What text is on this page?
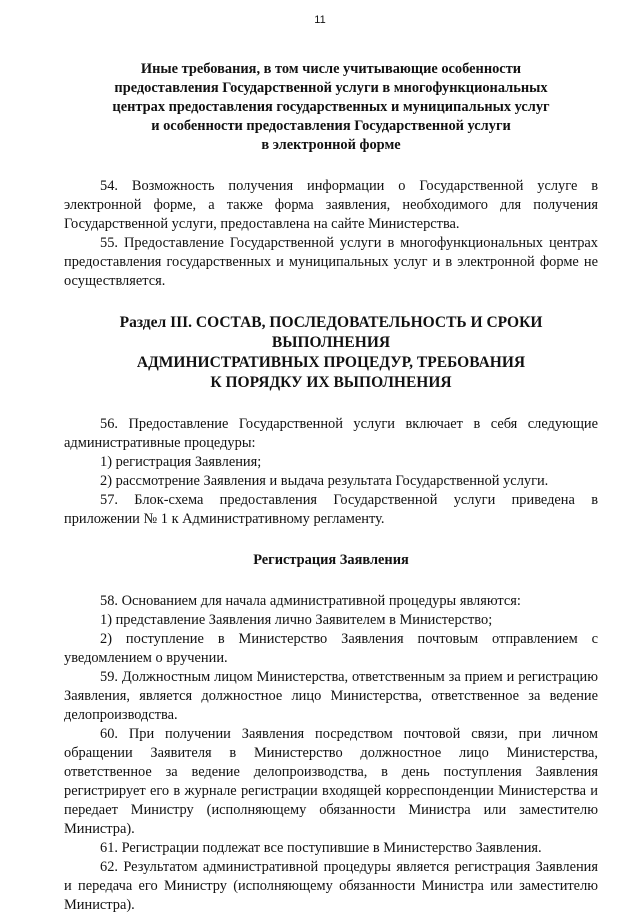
11

Иные требования, в том числе учитывающие особенности

предоставления Государственной услуги в многофункциональных

центрах предоставления государственных и муниципальных услуг

и особенности предоставления Государственной услуги

в электронной форме

54. Возможность получения информации о Государственной услуге в электронной форме, а также форма заявления, необходимого для получения Государственной услуги, предоставлена на сайте Министерства.

55. Предоставление Государственной услуги в многофункциональных центрах предоставления государственных и муниципальных услуг и в электронной форме не осуществляется.

Раздел III. СОСТАВ, ПОСЛЕДОВАТЕЛЬНОСТЬ И СРОКИ ВЫПОЛНЕНИЯ

АДМИНИСТРАТИВНЫХ ПРОЦЕДУР, ТРЕБОВАНИЯ

К ПОРЯДКУ ИХ ВЫПОЛНЕНИЯ

56. Предоставление Государственной услуги включает в себя следующие административные процедуры:

1) регистрация Заявления;

2) рассмотрение Заявления и выдача результата Государственной услуги.

57. Блок-схема предоставления Государственной услуги приведена в приложении № 1 к Административному регламенту.

Регистрация Заявления

58. Основанием для начала административной процедуры являются:

1) представление Заявления лично Заявителем в Министерство;

2) поступление в Министерство Заявления почтовым отправлением с уведомлением о вручении.

59. Должностным лицом Министерства, ответственным за прием и регистрацию Заявления, является должностное лицо Министерства, ответственное за ведение делопроизводства.

60. При получении Заявления посредством почтовой связи, при личном обращении Заявителя в Министерство должностное лицо Министерства, ответственное за ведение делопроизводства, в день поступления Заявления регистрирует его в журнале регистрации входящей корреспонденции Министерства и передает Министру (исполняющему обязанности Министра или заместителю Министра).

61. Регистрации подлежат все поступившие в Министерство Заявления.

62. Результатом административной процедуры является регистрация Заявления и передача его Министру (исполняющему обязанности Министра или заместителю Министра).
